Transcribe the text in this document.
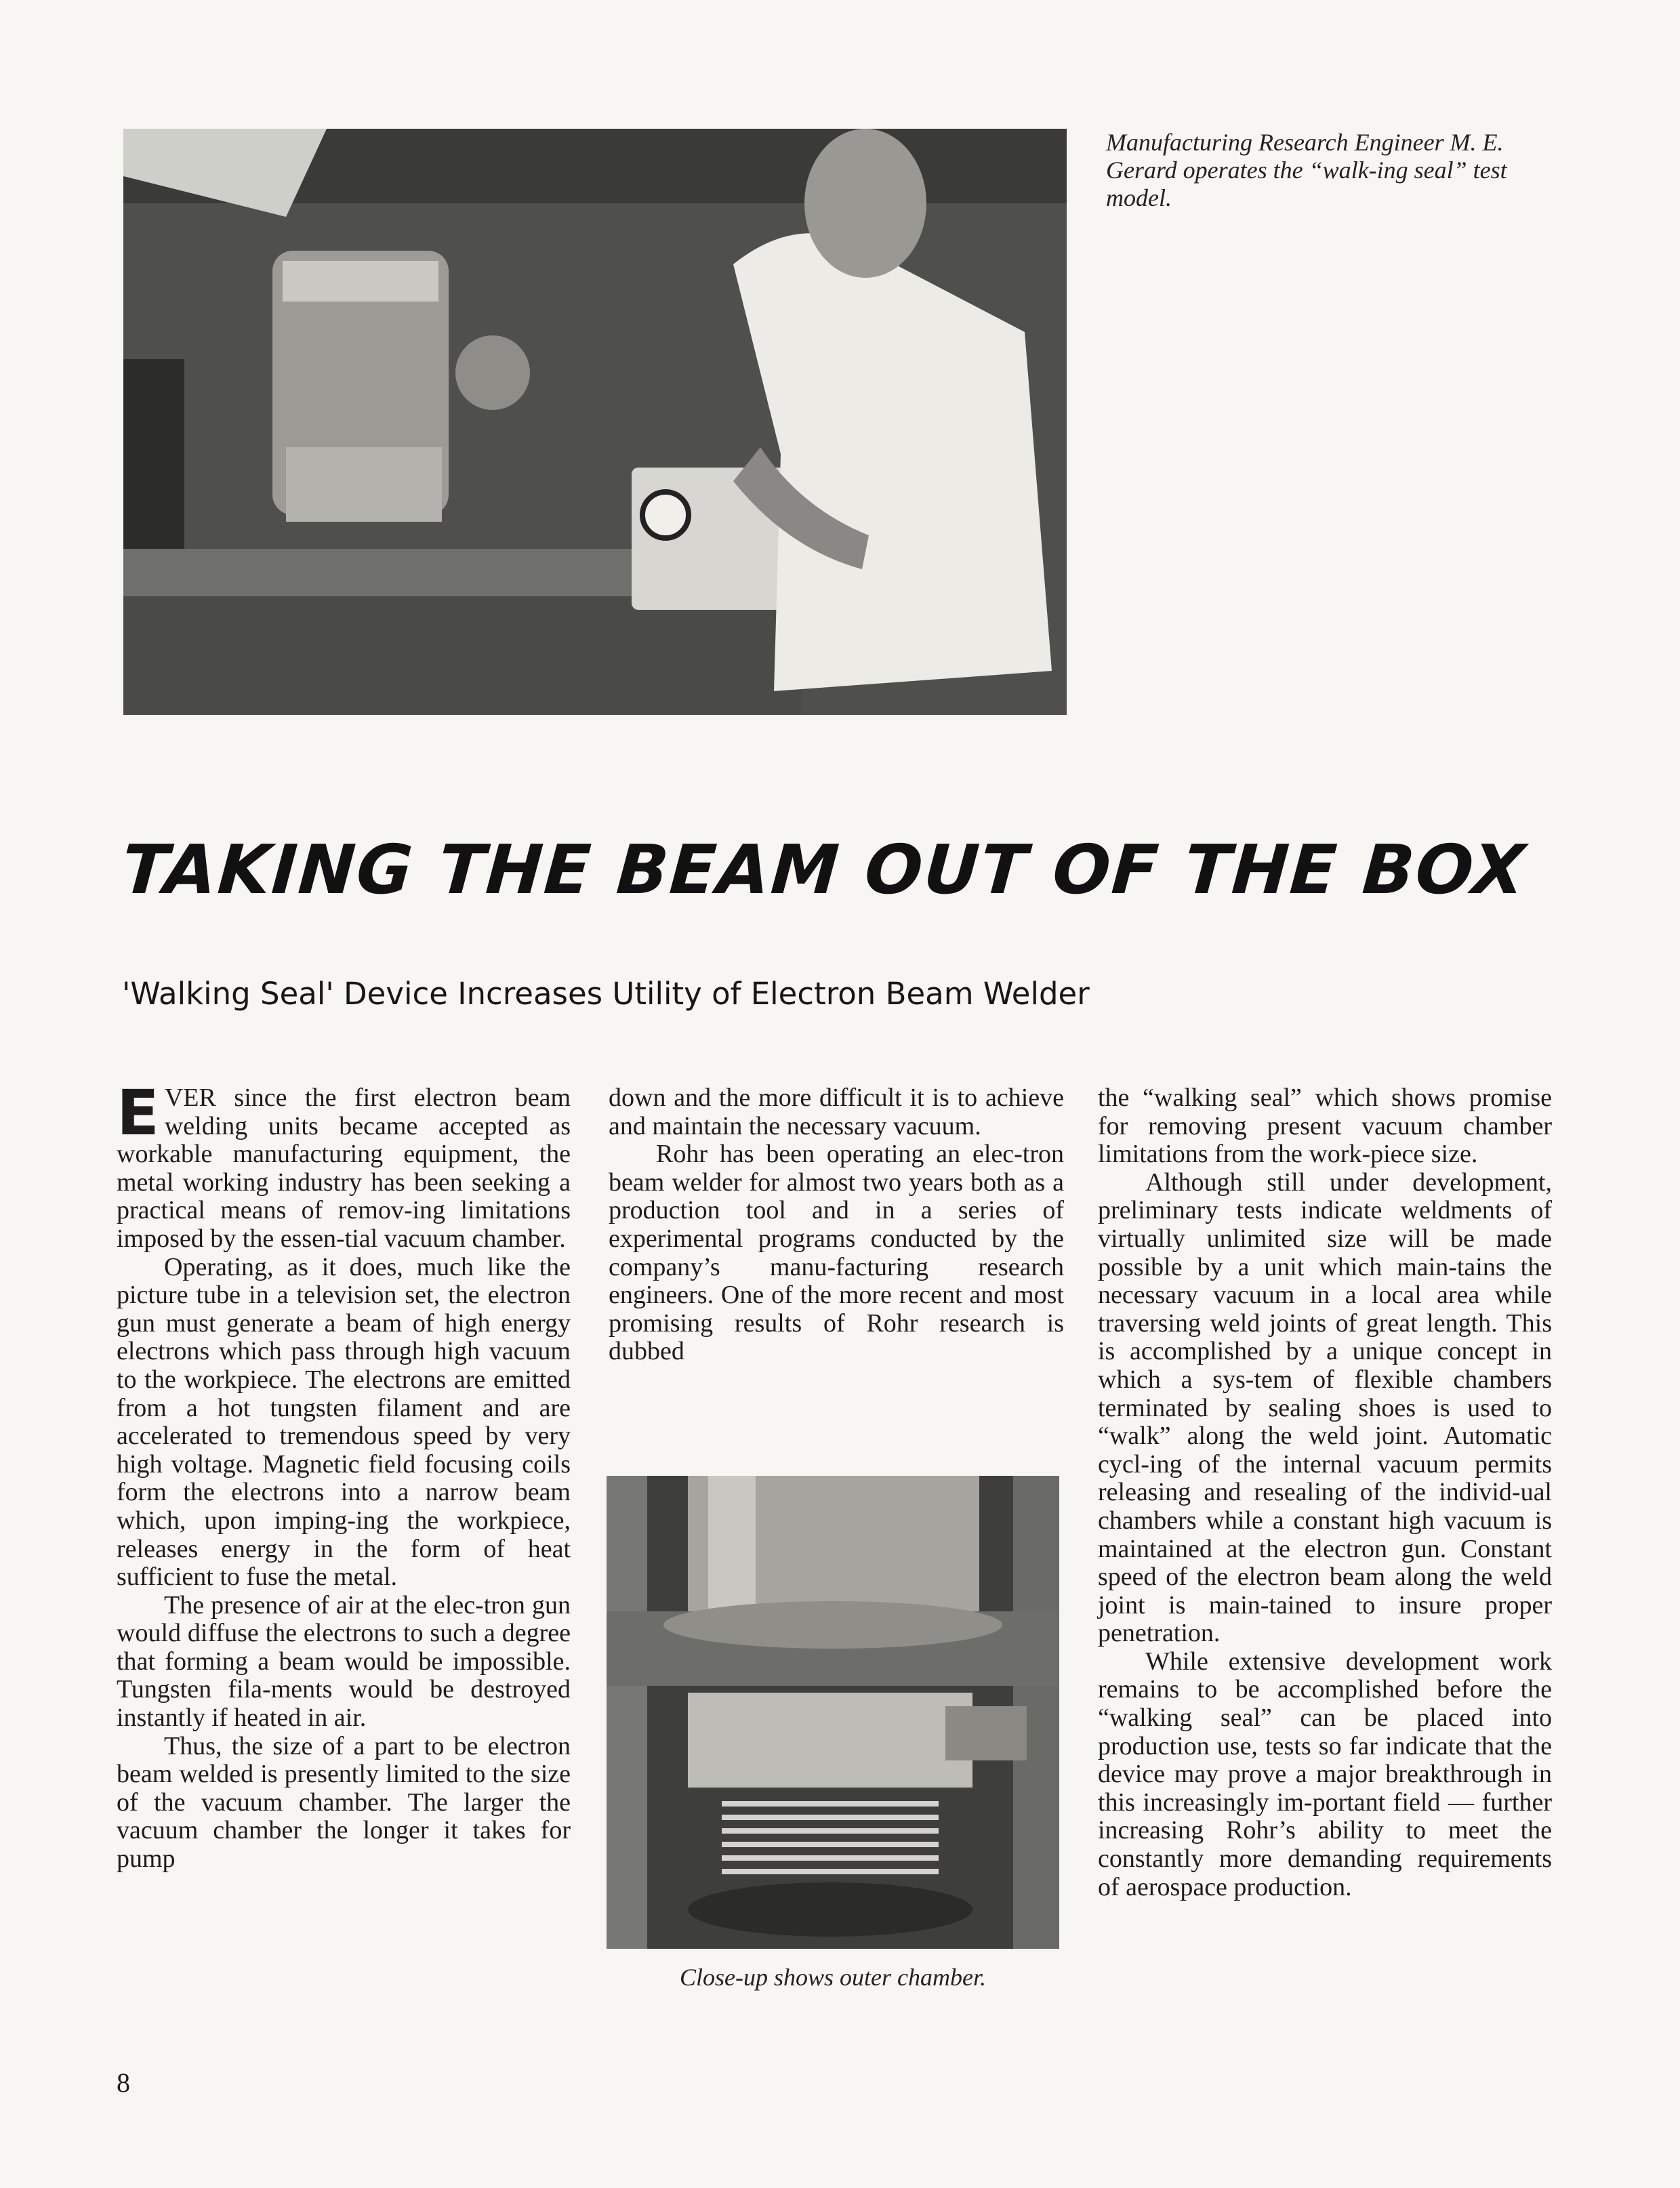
Manufacturing Research Engineer M. E. Gerard operates the “walk-ing seal” test model.
TAKING THE BEAM OUT OF THE BOX
'Walking Seal' Device Increases Utility of Electron Beam Welder

EVER since the first electron beam welding units became accepted as workable manufacturing equipment, the metal working industry has been seeking a practical means of remov-ing limitations imposed by the essen-tial vacuum chamber.

Operating, as it does, much like the picture tube in a television set, the electron gun must generate a beam of high energy electrons which pass through high vacuum to the workpiece. The electrons are emitted from a hot tungsten filament and are accelerated to tremendous speed by very high voltage. Magnetic field focusing coils form the electrons into a narrow beam which, upon imping-ing the workpiece, releases energy in the form of heat sufficient to fuse the metal.

The presence of air at the elec-tron gun would diffuse the electrons to such a degree that forming a beam would be impossible. Tungsten fila-ments would be destroyed instantly if heated in air.

Thus, the size of a part to be electron beam welded is presently limited to the size of the vacuum chamber. The larger the vacuum chamber the longer it takes for pump

down and the more difficult it is to achieve and maintain the necessary vacuum.

Rohr has been operating an elec-tron beam welder for almost two years both as a production tool and in a series of experimental programs conducted by the company’s manu-facturing research engineers. One of the more recent and most promising results of Rohr research is dubbed

Close-up shows outer chamber.

the “walking seal” which shows promise for removing present vacuum chamber limitations from the work-piece size.

Although still under development, preliminary tests indicate weldments of virtually unlimited size will be made possible by a unit which main-tains the necessary vacuum in a local area while traversing weld joints of great length. This is accomplished by a unique concept in which a sys-tem of flexible chambers terminated by sealing shoes is used to “walk” along the weld joint. Automatic cycl-ing of the internal vacuum permits releasing and resealing of the individ-ual chambers while a constant high vacuum is maintained at the electron gun. Constant speed of the electron beam along the weld joint is main-tained to insure proper penetration.

While extensive development work remains to be accomplished before the “walking seal” can be placed into production use, tests so far indicate that the device may prove a major breakthrough in this increasingly im-portant field — further increasing Rohr’s ability to meet the constantly more demanding requirements of aerospace production.

8
